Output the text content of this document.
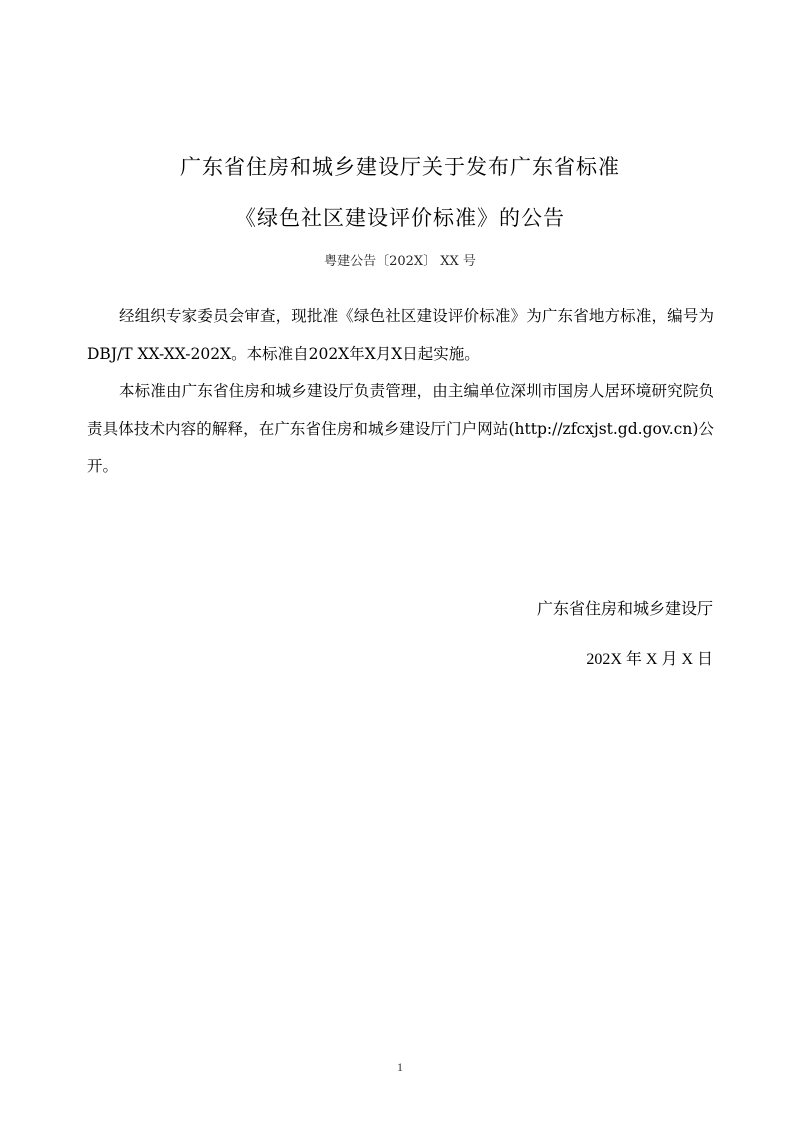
广东省住房和城乡建设厅关于发布广东省标准
《绿色社区建设评价标准》的公告
粤建公告〔202X〕 XX 号

经组织专家委员会审查，现批准《绿色社区建设评价标准》为广东省地方标准，编号为DBJ/T XX-XX-202X。本标准自202X年X月X日起实施。

本标准由广东省住房和城乡建设厅负责管理，由主编单位深圳市国房人居环境研究院负责具体技术内容的解释，在广东省住房和城乡建设厅门户网站(http://zfcxjst.gd.gov.cn)公开。

广东省住房和城乡建设厅
202X 年 X 月 X 日
1
